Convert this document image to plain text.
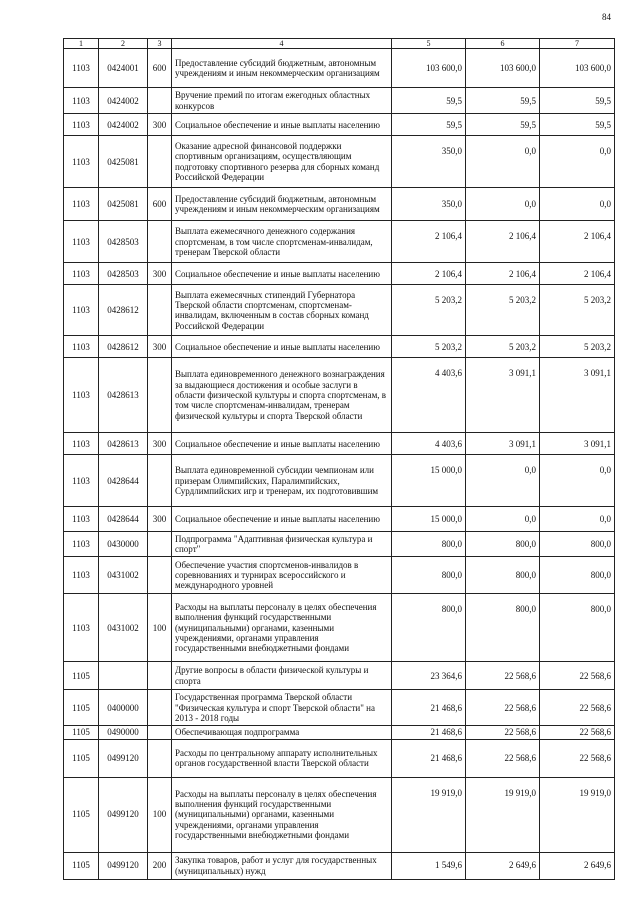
84
1	2	3	4	5	6	7
1103	0424001	600	Предоставление субсидий бюджетным, автономным учреждениям и иным некоммерческим организациям	103 600,0	103 600,0	103 600,0
1103	0424002		Вручение премий по итогам ежегодных областных конкурсов	59,5	59,5	59,5
1103	0424002	300	Социальное обеспечение и иные выплаты населению	59,5	59,5	59,5
1103	0425081		Оказание адресной финансовой поддержки спортивным организациям, осуществляющим подготовку спортивного резерва для сборных команд Российской Федерации	350,0	0,0	0,0
1103	0425081	600	Предоставление субсидий бюджетным, автономным учреждениям и иным некоммерческим организациям	350,0	0,0	0,0
1103	0428503		Выплата ежемесячного денежного содержания спортсменам, в том числе спортсменам-инвалидам, тренерам Тверской области	2 106,4	2 106,4	2 106,4
1103	0428503	300	Социальное обеспечение и иные выплаты населению	2 106,4	2 106,4	2 106,4
1103	0428612		Выплата ежемесячных стипендий Губернатора Тверской области спортсменам, спортсменам-инвалидам, включенным в состав сборных команд Российской Федерации	5 203,2	5 203,2	5 203,2
1103	0428612	300	Социальное обеспечение и иные выплаты населению	5 203,2	5 203,2	5 203,2
1103	0428613		Выплата единовременного денежного вознаграждения за выдающиеся достижения и особые заслуги в области физической культуры и спорта спортсменам, в том числе спортсменам-инвалидам, тренерам физической культуры и спорта Тверской области	4 403,6	3 091,1	3 091,1
1103	0428613	300	Социальное обеспечение и иные выплаты населению	4 403,6	3 091,1	3 091,1
1103	0428644		Выплата единовременной субсидии чемпионам или призерам Олимпийских, Паралимпийских, Сурдлимпийских игр и тренерам, их подготовившим	15 000,0	0,0	0,0
1103	0428644	300	Социальное обеспечение и иные выплаты населению	15 000,0	0,0	0,0
1103	0430000		Подпрограмма "Адаптивная физическая культура и спорт"	800,0	800,0	800,0
1103	0431002		Обеспечение участия спортсменов-инвалидов в соревнованиях и турнирах всероссийского и международного уровней	800,0	800,0	800,0
1103	0431002	100	Расходы на выплаты персоналу в целях обеспечения выполнения функций государственными (муниципальными) органами, казенными учреждениями, органами управления государственными внебюджетными фондами	800,0	800,0	800,0
1105			Другие вопросы в области физической культуры и спорта	23 364,6	22 568,6	22 568,6
1105	0400000		Государственная программа Тверской области "Физическая культура и спорт Тверской области" на 2013 - 2018 годы	21 468,6	22 568,6	22 568,6
1105	0490000		Обеспечивающая подпрограмма	21 468,6	22 568,6	22 568,6
1105	0499120		Расходы по центральному аппарату исполнительных органов государственной власти Тверской области	21 468,6	22 568,6	22 568,6
1105	0499120	100	Расходы на выплаты персоналу в целях обеспечения выполнения функций государственными (муниципальными) органами, казенными учреждениями, органами управления государственными внебюджетными фондами	19 919,0	19 919,0	19 919,0
1105	0499120	200	Закупка товаров, работ и услуг для государственных (муниципальных) нужд	1 549,6	2 649,6	2 649,6
